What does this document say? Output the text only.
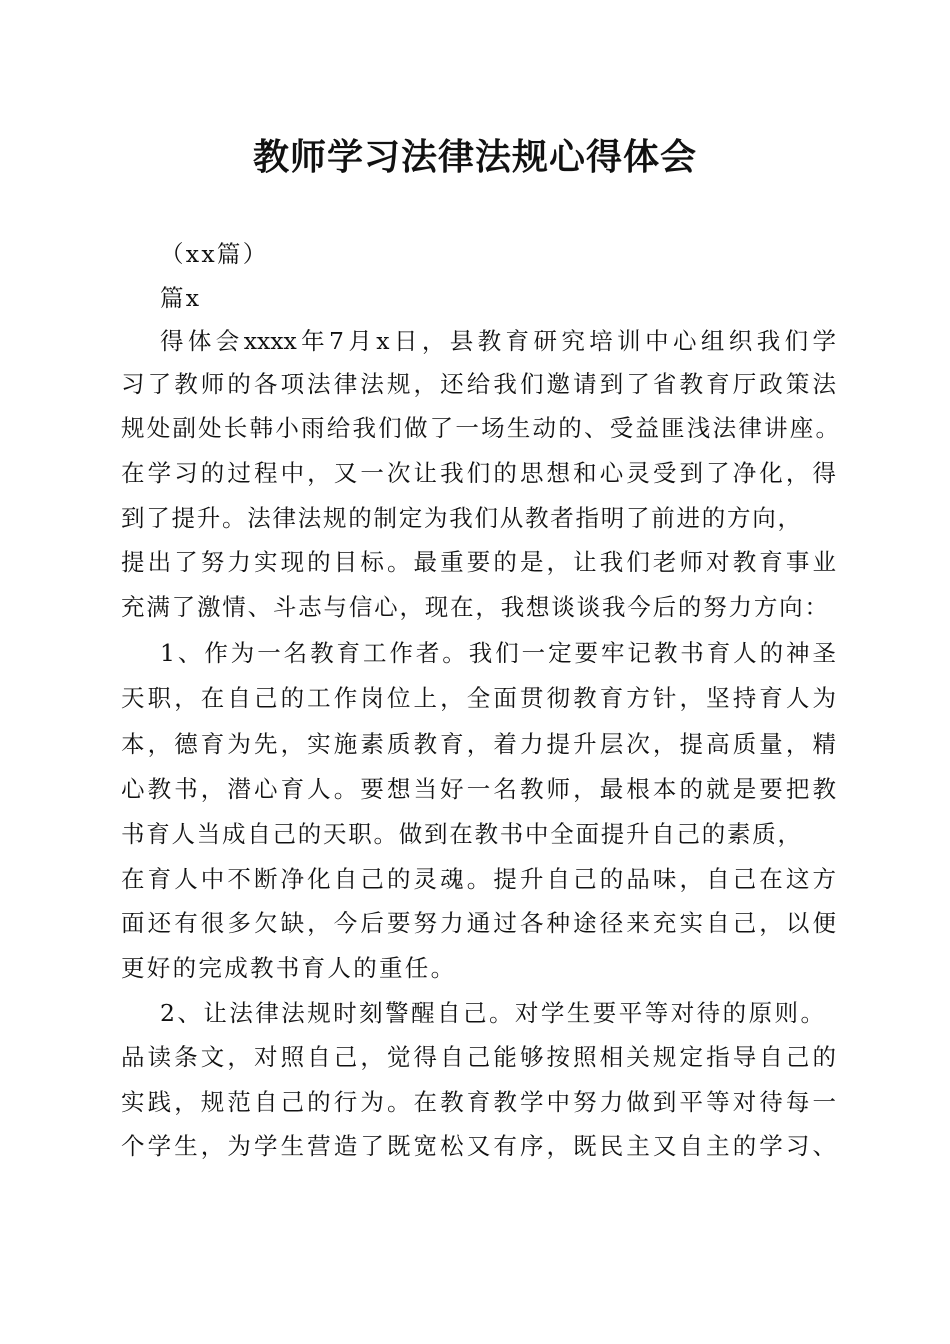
教师学习法律法规心得体会
（xx篇）
篇x
得体会xxxx年7月x日，县教育研究培训中心组织我们学
习了教师的各项法律法规，还给我们邀请到了省教育厅政策法
规处副处长韩小雨给我们做了一场生动的、受益匪浅法律讲座。
在学习的过程中，又一次让我们的思想和心灵受到了净化，得
到了提升。法律法规的制定为我们从教者指明了前进的方向，
提出了努力实现的目标。最重要的是，让我们老师对教育事业
充满了激情、斗志与信心，现在，我想谈谈我今后的努力方向：
1、作为一名教育工作者。我们一定要牢记教书育人的神圣
天职，在自己的工作岗位上，全面贯彻教育方针，坚持育人为
本，德育为先，实施素质教育，着力提升层次，提高质量，精
心教书，潜心育人。要想当好一名教师，最根本的就是要把教
书育人当成自己的天职。做到在教书中全面提升自己的素质，
在育人中不断净化自己的灵魂。提升自己的品味，自己在这方
面还有很多欠缺，今后要努力通过各种途径来充实自己，以便
更好的完成教书育人的重任。
2、让法律法规时刻警醒自己。对学生要平等对待的原则。
品读条文，对照自己，觉得自己能够按照相关规定指导自己的
实践，规范自己的行为。在教育教学中努力做到平等对待每一
个学生，为学生营造了既宽松又有序，既民主又自主的学习、
